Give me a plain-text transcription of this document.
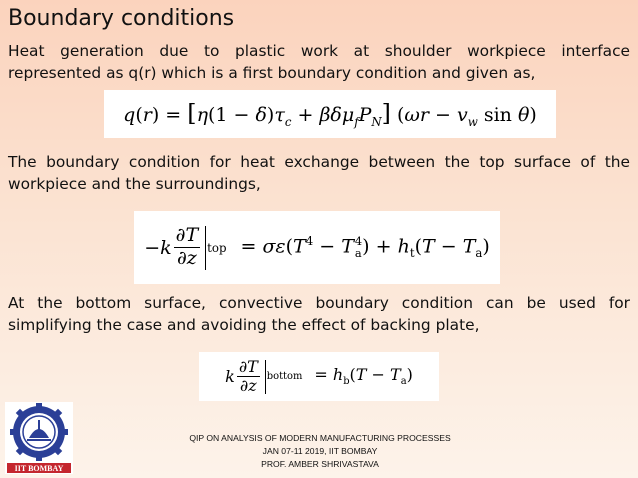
Boundary conditions
Heat generation due to plastic work at shoulder workpiece interface represented as q(r) which is a first boundary condition and given as,
$q(r) = [\eta(1 - \delta)\tau_c + \beta\delta\mu_fP_N]$ ($\omega r - v_w$ sin θ)
The boundary condition for heat exchange between the top surface of the workpiece and the surroundings,
$-k \frac{\partial T}{\partial z}$ top = $\sigma\varepsilon(T^4 - T$ 4
a ) + $h_t(T - T_a)$
At the bottom surface, convective boundary condition can be used for simplifying the case and avoiding the effect of backing plate,
k $\frac{\partial T}{\partial z}$ bottom = $h_b(T - T_a)$
IIT BOMBAY
QIP ON ANALYSIS OF MODERN MANUFACTURING PROCESSES
JAN 07-11 2019, IIT BOMBAY
PROF. AMBER SHRIVASTAVA
